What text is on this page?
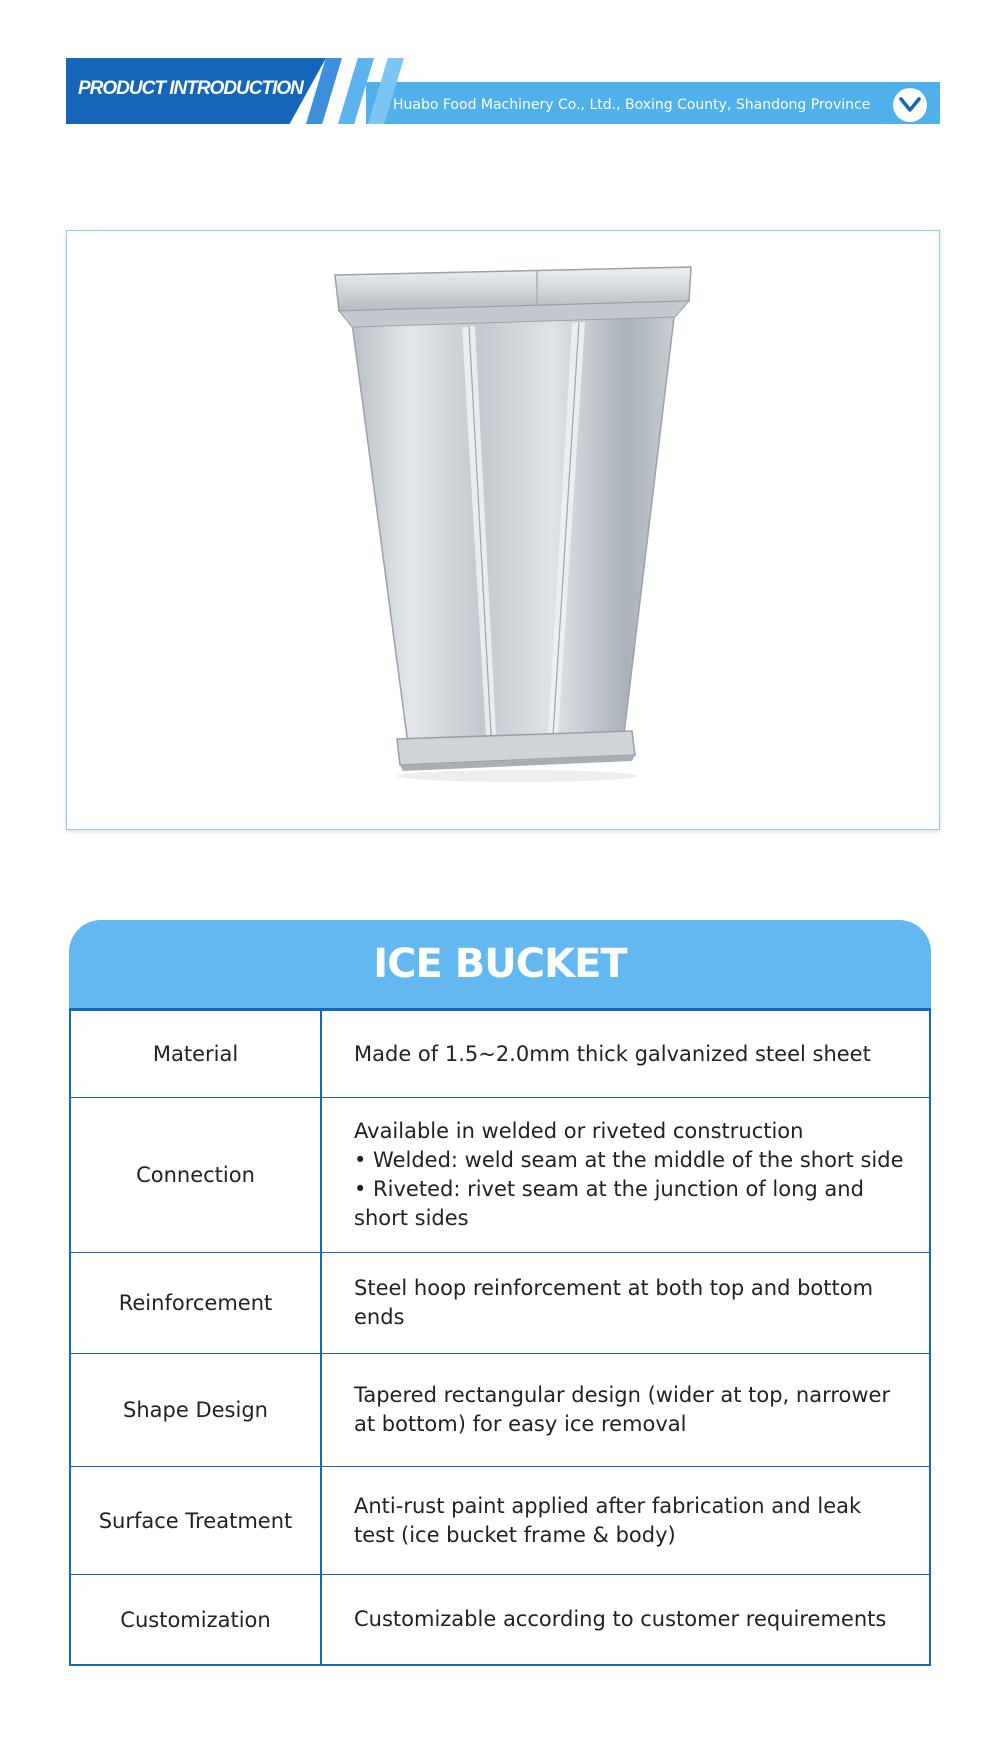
PRODUCT INTRODUCTION
Huabo Food Machinery Co., Ltd., Boxing County, Shandong Province
ICE BUCKET
Material	Made of 1.5~2.0mm thick galvanized steel sheet
Connection
Available in welded or riveted construction
• Welded: weld seam at the middle of the short side
• Riveted: rivet seam at the junction of long and short sides
Reinforcement
Steel hoop reinforcement at both top and bottom ends
Shape Design
Tapered rectangular design (wider at top, narrower at bottom) for easy ice removal
Surface Treatment
Anti-rust paint applied after fabrication and leak test (ice bucket frame & body)
Customization	Customizable according to customer requirements
